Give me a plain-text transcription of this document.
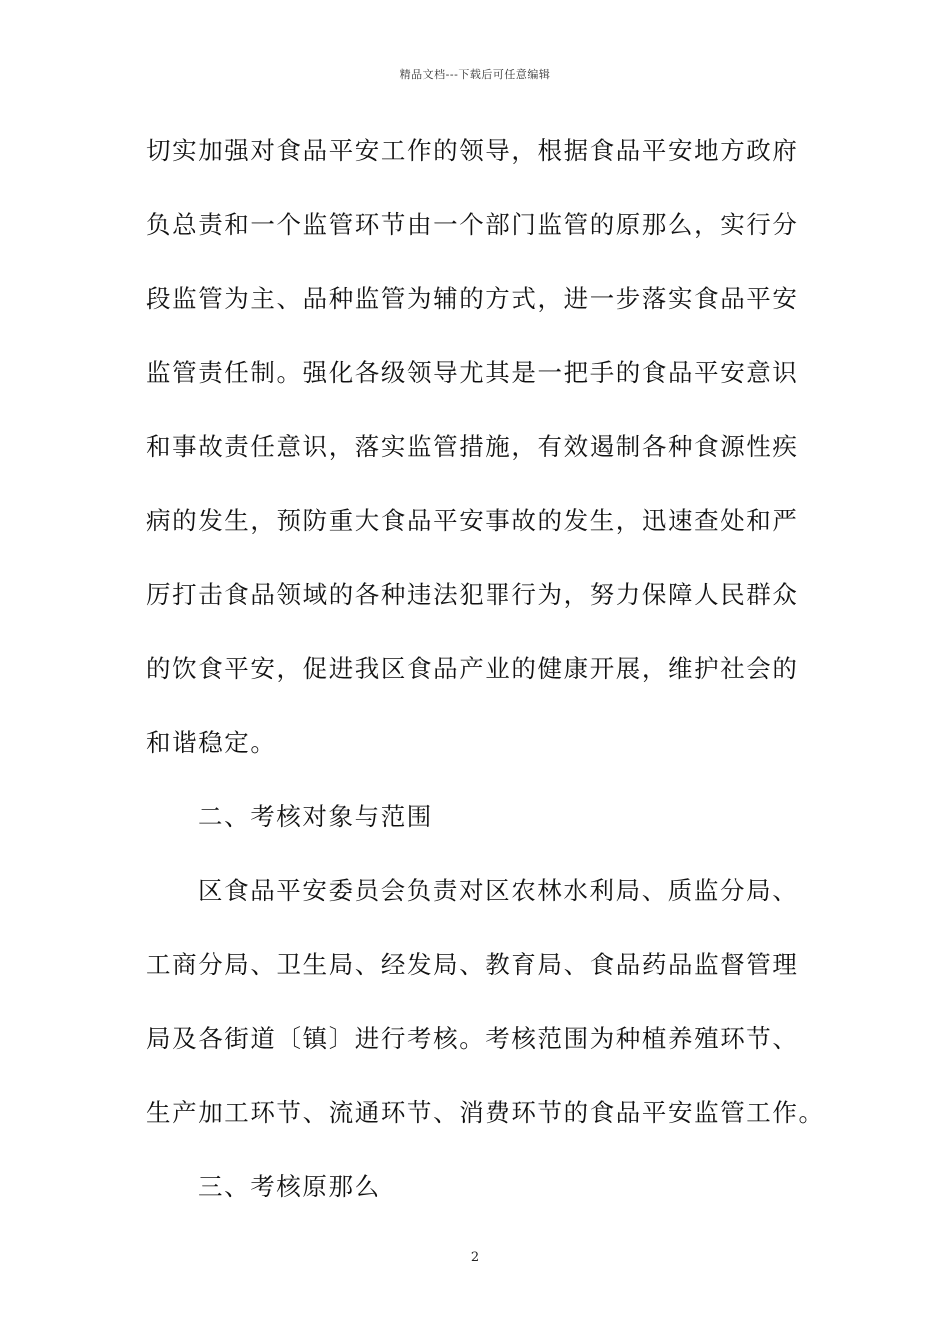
精品文档---下载后可任意编辑
切实加强对食品平安工作的领导，根据食品平安地方政府
负总责和一个监管环节由一个部门监管的原那么，实行分
段监管为主、品种监管为辅的方式，进一步落实食品平安
监管责任制。强化各级领导尤其是一把手的食品平安意识
和事故责任意识，落实监管措施，有效遏制各种食源性疾
病的发生，预防重大食品平安事故的发生，迅速查处和严
厉打击食品领域的各种违法犯罪行为，努力保障人民群众
的饮食平安，促进我区食品产业的健康开展，维护社会的
和谐稳定。
二、考核对象与范围
区食品平安委员会负责对区农林水利局、质监分局、
工商分局、卫生局、经发局、教育局、食品药品监督管理
局及各街道〔镇〕进行考核。考核范围为种植养殖环节、
生产加工环节、流通环节、消费环节的食品平安监管工作。
三、考核原那么
2
